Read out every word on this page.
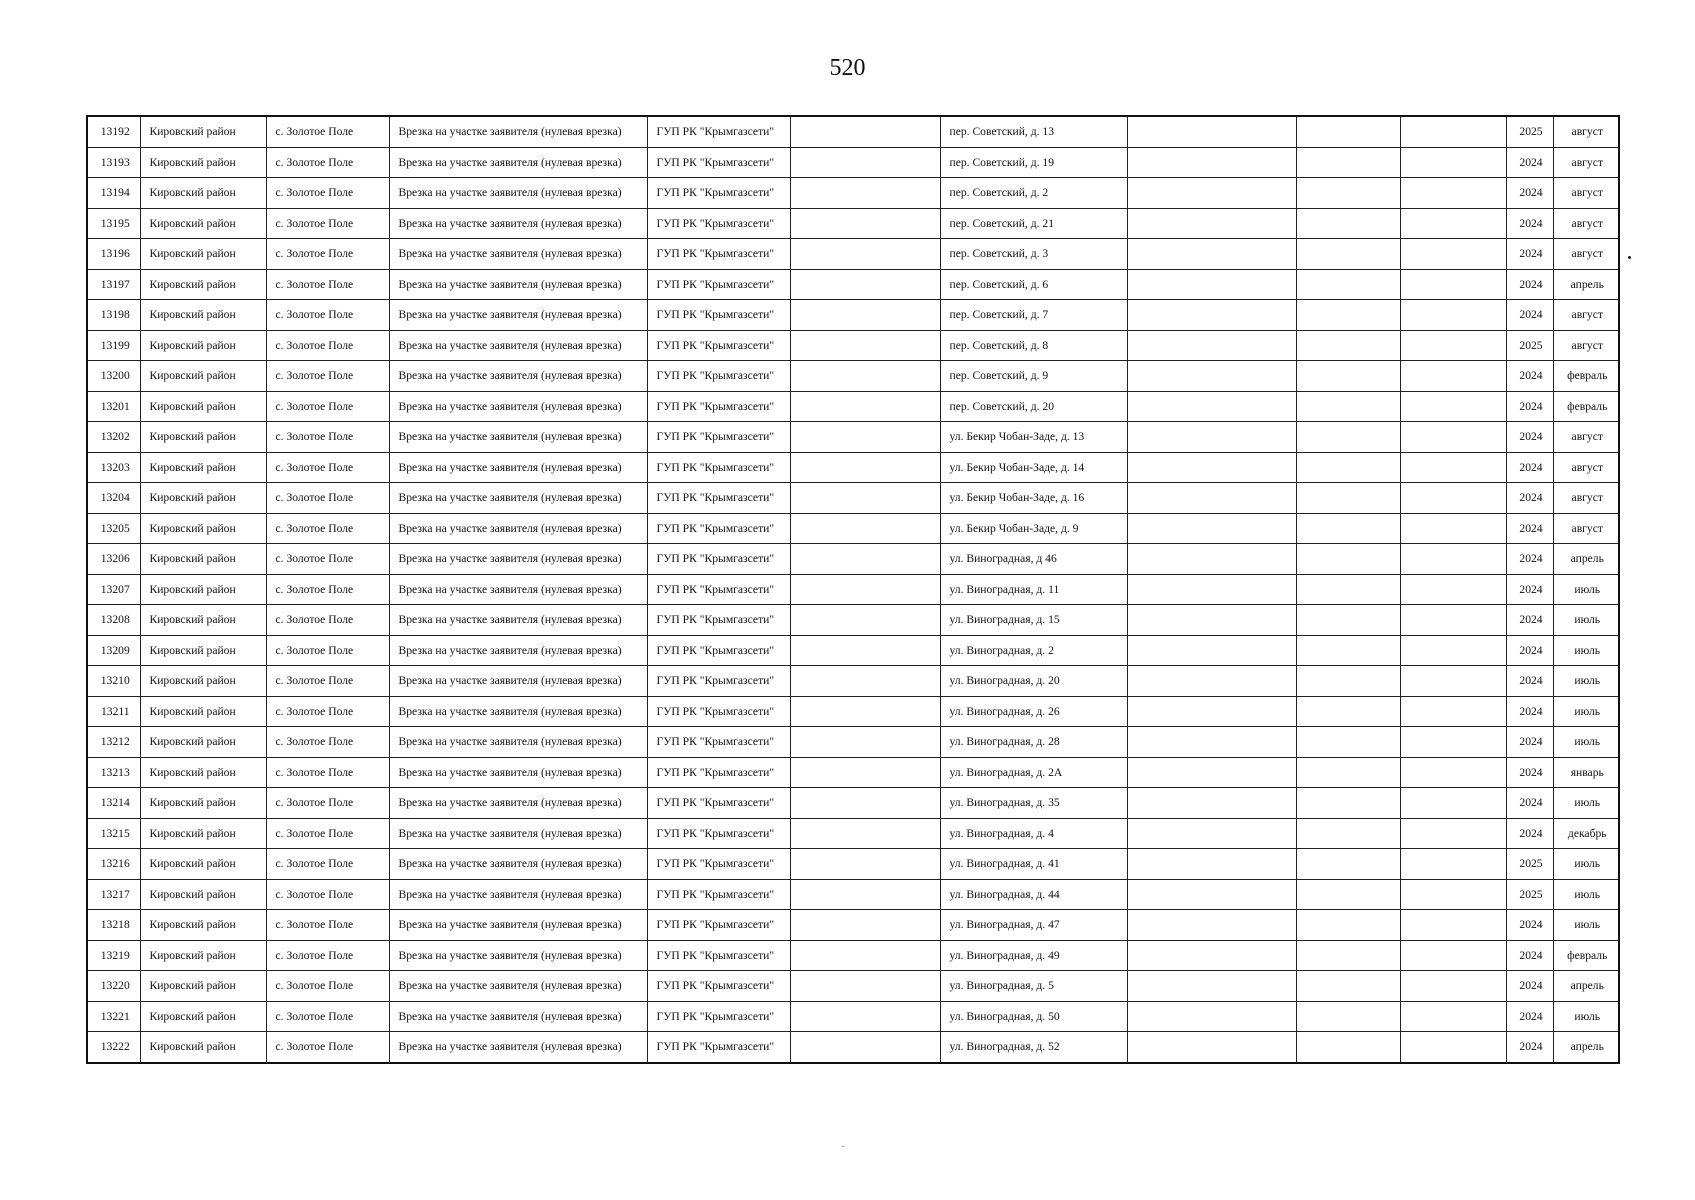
520
13192	Кировский район	с. Золотое Поле	Врезка на участке заявителя (нулевая врезка)	ГУП РК "Крымгазсети"		пер. Советский, д. 13				2025	август
13193	Кировский район	с. Золотое Поле	Врезка на участке заявителя (нулевая врезка)	ГУП РК "Крымгазсети"		пер. Советский, д. 19				2024	август
13194	Кировский район	с. Золотое Поле	Врезка на участке заявителя (нулевая врезка)	ГУП РК "Крымгазсети"		пер. Советский, д. 2				2024	август
13195	Кировский район	с. Золотое Поле	Врезка на участке заявителя (нулевая врезка)	ГУП РК "Крымгазсети"		пер. Советский, д. 21				2024	август
13196	Кировский район	с. Золотое Поле	Врезка на участке заявителя (нулевая врезка)	ГУП РК "Крымгазсети"		пер. Советский, д. 3				2024	август
13197	Кировский район	с. Золотое Поле	Врезка на участке заявителя (нулевая врезка)	ГУП РК "Крымгазсети"		пер. Советский, д. 6				2024	апрель
13198	Кировский район	с. Золотое Поле	Врезка на участке заявителя (нулевая врезка)	ГУП РК "Крымгазсети"		пер. Советский, д. 7				2024	август
13199	Кировский район	с. Золотое Поле	Врезка на участке заявителя (нулевая врезка)	ГУП РК "Крымгазсети"		пер. Советский, д. 8				2025	август
13200	Кировский район	с. Золотое Поле	Врезка на участке заявителя (нулевая врезка)	ГУП РК "Крымгазсети"		пер. Советский, д. 9				2024	февраль
13201	Кировский район	с. Золотое Поле	Врезка на участке заявителя (нулевая врезка)	ГУП РК "Крымгазсети"		пер. Советский, д. 20				2024	февраль
13202	Кировский район	с. Золотое Поле	Врезка на участке заявителя (нулевая врезка)	ГУП РК "Крымгазсети"		ул. Бекир Чобан-Заде, д. 13				2024	август
13203	Кировский район	с. Золотое Поле	Врезка на участке заявителя (нулевая врезка)	ГУП РК "Крымгазсети"		ул. Бекир Чобан-Заде, д. 14				2024	август
13204	Кировский район	с. Золотое Поле	Врезка на участке заявителя (нулевая врезка)	ГУП РК "Крымгазсети"		ул. Бекир Чобан-Заде, д. 16				2024	август
13205	Кировский район	с. Золотое Поле	Врезка на участке заявителя (нулевая врезка)	ГУП РК "Крымгазсети"		ул. Бекир Чобан-Заде, д. 9				2024	август
13206	Кировский район	с. Золотое Поле	Врезка на участке заявителя (нулевая врезка)	ГУП РК "Крымгазсети"		ул. Виноградная, д 46				2024	апрель
13207	Кировский район	с. Золотое Поле	Врезка на участке заявителя (нулевая врезка)	ГУП РК "Крымгазсети"		ул. Виноградная, д. 11				2024	июль
13208	Кировский район	с. Золотое Поле	Врезка на участке заявителя (нулевая врезка)	ГУП РК "Крымгазсети"		ул. Виноградная, д. 15				2024	июль
13209	Кировский район	с. Золотое Поле	Врезка на участке заявителя (нулевая врезка)	ГУП РК "Крымгазсети"		ул. Виноградная, д. 2				2024	июль
13210	Кировский район	с. Золотое Поле	Врезка на участке заявителя (нулевая врезка)	ГУП РК "Крымгазсети"		ул. Виноградная, д. 20				2024	июль
13211	Кировский район	с. Золотое Поле	Врезка на участке заявителя (нулевая врезка)	ГУП РК "Крымгазсети"		ул. Виноградная, д. 26				2024	июль
13212	Кировский район	с. Золотое Поле	Врезка на участке заявителя (нулевая врезка)	ГУП РК "Крымгазсети"		ул. Виноградная, д. 28				2024	июль
13213	Кировский район	с. Золотое Поле	Врезка на участке заявителя (нулевая врезка)	ГУП РК "Крымгазсети"		ул. Виноградная, д. 2А				2024	январь
13214	Кировский район	с. Золотое Поле	Врезка на участке заявителя (нулевая врезка)	ГУП РК "Крымгазсети"		ул. Виноградная, д. 35				2024	июль
13215	Кировский район	с. Золотое Поле	Врезка на участке заявителя (нулевая врезка)	ГУП РК "Крымгазсети"		ул. Виноградная, д. 4				2024	декабрь
13216	Кировский район	с. Золотое Поле	Врезка на участке заявителя (нулевая врезка)	ГУП РК "Крымгазсети"		ул. Виноградная, д. 41				2025	июль
13217	Кировский район	с. Золотое Поле	Врезка на участке заявителя (нулевая врезка)	ГУП РК "Крымгазсети"		ул. Виноградная, д. 44				2025	июль
13218	Кировский район	с. Золотое Поле	Врезка на участке заявителя (нулевая врезка)	ГУП РК "Крымгазсети"		ул. Виноградная, д. 47				2024	июль
13219	Кировский район	с. Золотое Поле	Врезка на участке заявителя (нулевая врезка)	ГУП РК "Крымгазсети"		ул. Виноградная, д. 49				2024	февраль
13220	Кировский район	с. Золотое Поле	Врезка на участке заявителя (нулевая врезка)	ГУП РК "Крымгазсети"		ул. Виноградная, д. 5				2024	апрель
13221	Кировский район	с. Золотое Поле	Врезка на участке заявителя (нулевая врезка)	ГУП РК "Крымгазсети"		ул. Виноградная, д. 50				2024	июль
13222	Кировский район	с. Золотое Поле	Врезка на участке заявителя (нулевая врезка)	ГУП РК "Крымгазсети"		ул. Виноградная, д. 52				2024	апрель
